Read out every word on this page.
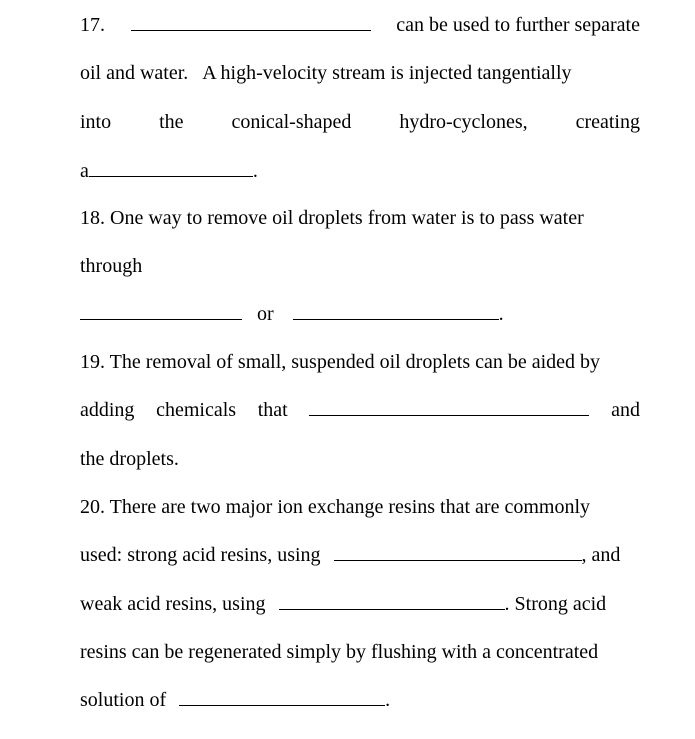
17.	can be used to further separate
oil and water.   A high-velocity stream is injected tangentially
into the conical-shaped hydro-cyclones, creating
a	.
18. One way to remove oil droplets from water is to pass water
through
or	.
19. The removal of small, suspended oil droplets can be aided by
adding chemicals that	and
the droplets.
20. There are two major ion exchange resins that are commonly
used: strong acid resins, using	, and
weak acid resins, using	. Strong acid
resins can be regenerated simply by flushing with a concentrated
solution of	.
